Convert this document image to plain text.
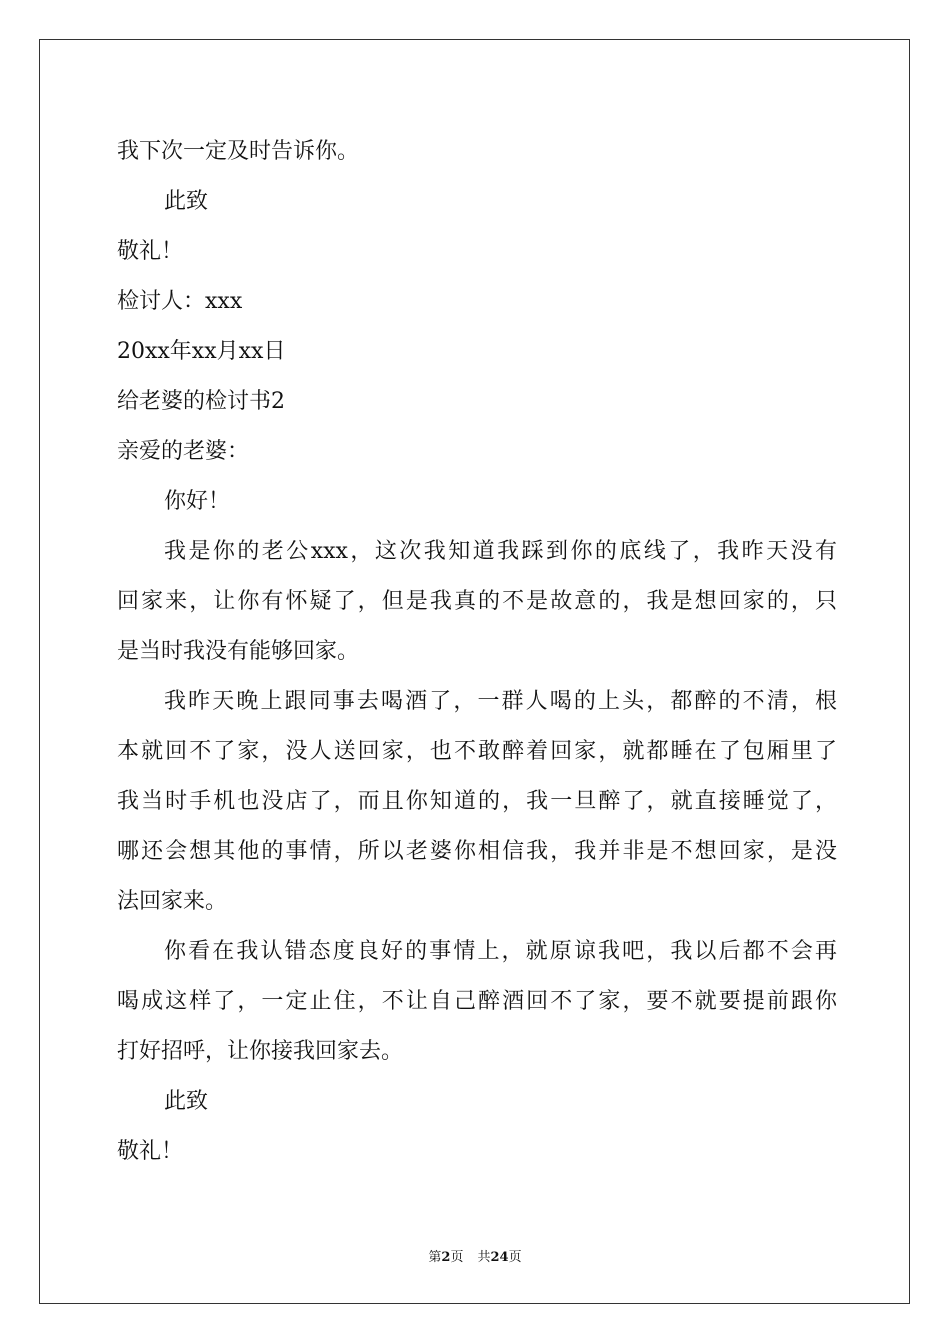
我下次一定及时告诉你。
此致
敬礼！
检讨人：xxx
20xx年xx月xx日
给老婆的检讨书2
亲爱的老婆：
你好！
我是你的老公xxx，这次我知道我踩到你的底线了，我昨天没有
回家来，让你有怀疑了，但是我真的不是故意的，我是想回家的，只
是当时我没有能够回家。
我昨天晚上跟同事去喝酒了，一群人喝的上头，都醉的不清，根
本就回不了家，没人送回家，也不敢醉着回家，就都睡在了包厢里了
我当时手机也没店了，而且你知道的，我一旦醉了，就直接睡觉了，
哪还会想其他的事情，所以老婆你相信我，我并非是不想回家，是没
法回家来。
你看在我认错态度良好的事情上，就原谅我吧，我以后都不会再
喝成这样了，一定止住，不让自己醉酒回不了家，要不就要提前跟你
打好招呼，让你接我回家去。
此致
敬礼！
第2页 共24页
